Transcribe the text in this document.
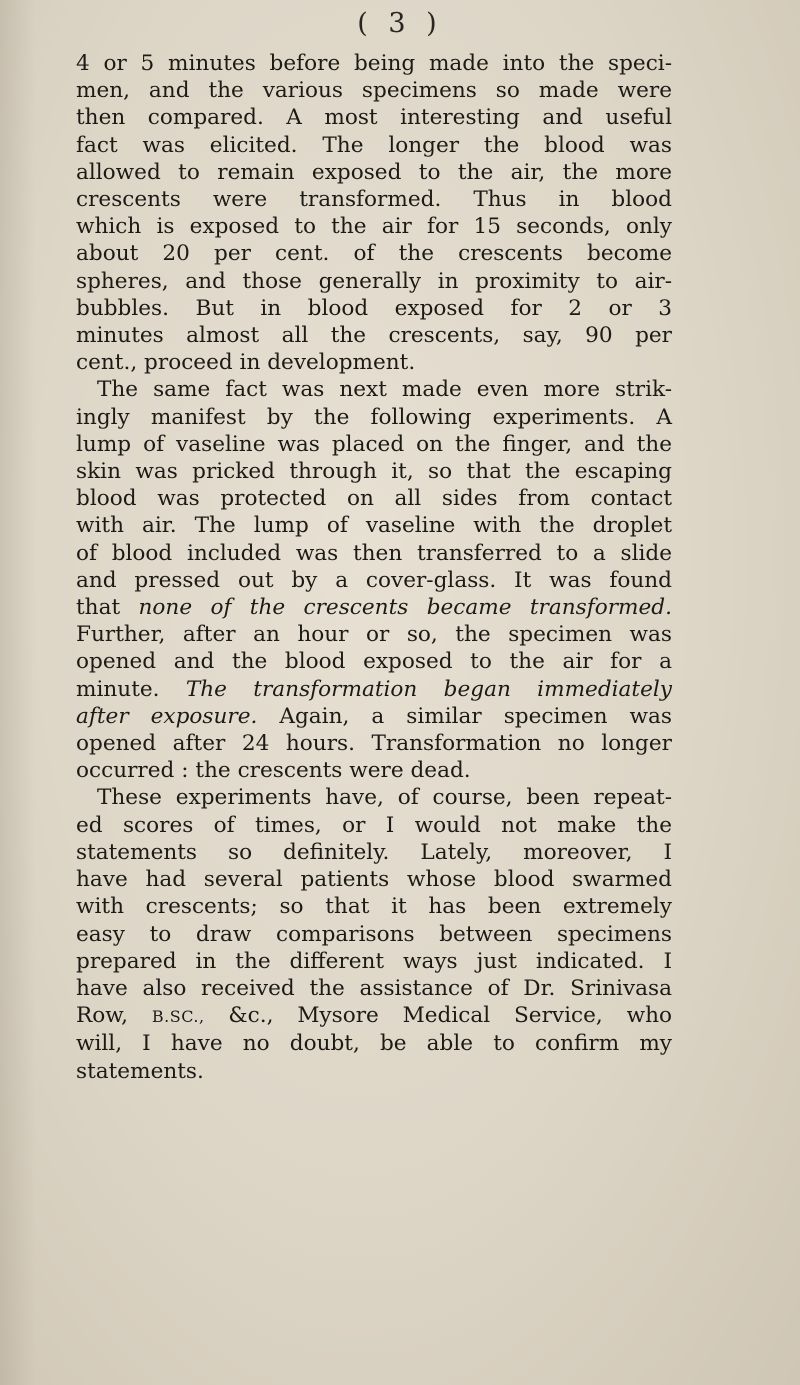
( 3 )
4 or 5 minutes before being made into the speci-
men, and the various specimens so made were
then compared. A most interesting and useful
fact was elicited. The longer the blood was
allowed to remain exposed to the air, the more
crescents were transformed. Thus in blood
which is exposed to the air for 15 seconds, only
about 20 per cent. of the crescents become
spheres, and those generally in proximity to air-
bubbles. But in blood exposed for 2 or 3
minutes almost all the crescents, say, 90 per
cent., proceed in development.
The same fact was next made even more strik-
ingly manifest by the following experiments. A
lump of vaseline was placed on the finger, and the
skin was pricked through it, so that the escaping
blood was protected on all sides from contact
with air. The lump of vaseline with the droplet
of blood included was then transferred to a slide
and pressed out by a cover-glass. It was found
that none of the crescents became transformed.
Further, after an hour or so, the specimen was
opened and the blood exposed to the air for a
minute. The transformation began immediately
after exposure. Again, a similar specimen was
opened after 24 hours. Transformation no longer
occurred : the crescents were dead.
These experiments have, of course, been repeat-
ed scores of times, or I would not make the
statements so definitely. Lately, moreover, I
have had several patients whose blood swarmed
with crescents; so that it has been extremely
easy to draw comparisons between specimens
prepared in the different ways just indicated. I
have also received the assistance of Dr. Srinivasa
Row, B.SC., &c., Mysore Medical Service, who
will, I have no doubt, be able to confirm my
statements.
